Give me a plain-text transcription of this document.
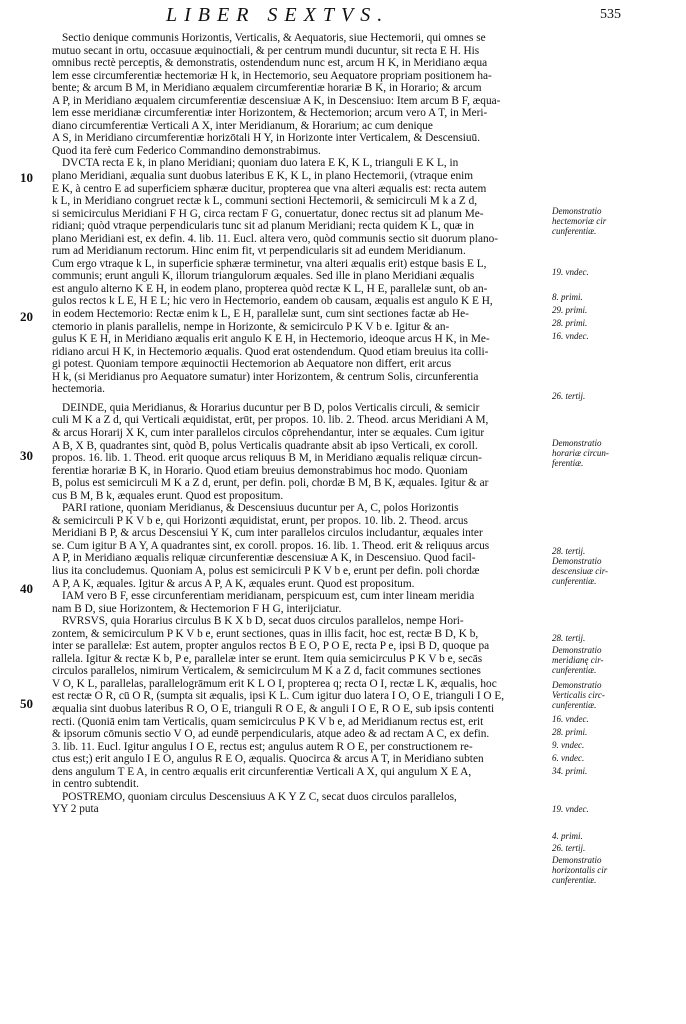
LIBER SEXTVS.	535
Sectio denique communis Horizontis, Verticalis, & Aequatoris, siue Hectemorii, qui omnes se
mutuo secant in ortu, occasuue æquinoctiali, & per centrum mundi ducuntur, sit recta E H. His
omnibus rectè perceptis, & demonstratis, ostendendum nunc est, arcum H K, in Meridiano æqua
lem esse circumferentiæ hectemoriæ H k, in Hectemorio, seu Aequatore propriam positionem ha-
bente; & arcum B M, in Meridiano æqualem circumferentiæ horariæ B K, in Horario; & arcum
A P, in Meridiano æqualem circumferentiæ descensiuæ A K, in Descensiuo: Item arcum B F, æqua-
lem esse meridianæ circumferentiæ inter Horizontem, & Hectemorion; arcum vero A T, in Meri-
diano circumferentiæ Verticali A X, inter Meridianum, & Horarium; ac cum denique
A S, in Meridiano circumferentiæ horizōtali H Y, in Horizonte inter Verticalem, & Descensiuū.
Quod ita ferè cum Federico Commandino demonstrabimus.
DVCTA recta E k, in plano Meridiani; quoniam duo latera E K, K L, trianguli E K L, in
plano Meridiani, æqualia sunt duobus lateribus E K, K L, in plano Hectemorii, (vtraque enim
E K, à centro E ad superficiem sphæræ ducitur, propterea que vna alteri æqualis est: recta autem
k L, in Meridiano congruet rectæ k L, communi sectioni Hectemorii, & semicirculi M k a Z d,
si semicirculus Meridiani F H G, circa rectam F G, conuertatur, donec rectus sit ad planum Me-
ridiani; quòd vtraque perpendicularis tunc sit ad planum Meridiani; recta quidem K L, quæ in
plano Meridiani est, ex defin. 4. lib. 11. Eucl. altera vero, quòd communis sectio sit duorum plano-
rum ad Meridianum rectorum. Hinc enim fit, vt perpendicularis sit ad eundem Meridianum.
Cum ergo vtraque k L, in superficie sphæræ terminetur, vna alteri æqualis erit) estque basis E L,
communis; erunt anguli K, illorum triangulorum æquales. Sed ille in plano Meridiani æqualis
est angulo alterno K E H, in eodem plano, propterea quòd rectæ K L, H E, parallelæ sunt, ob an-
gulos rectos k L E, H E L; hic vero in Hectemorio, eandem ob causam, æqualis est angulo K E H,
in eodem Hectemorio: Rectæ enim k L, E H, parallelæ sunt, cum sint sectiones factæ ab He-
ctemorio in planis parallelis, nempe in Horizonte, & semicirculo P K V b e. Igitur & an-
gulus K E H, in Meridiano æqualis erit angulo K E H, in Hectemorio, ideoque arcus H K, in Me-
ridiano arcui H K, in Hectemorio æqualis. Quod erat ostendendum. Quod etiam breuius ita colli-
gi potest. Quoniam tempore æquinoctii Hectemorion ab Aequatore non differt, erit arcus
H k, (si Meridianus pro Aequatore sumatur) inter Horizontem, & centrum Solis, circunferentia
hectemoria.
DEINDE, quia Meridianus, & Horarius ducuntur per B D, polos Verticalis circuli, & semicir
culi M K a Z d, qui Verticali æquidistat, erūt, per propos. 10. lib. 2. Theod. arcus Meridiani A M,
& arcus Horarij X K, cum inter parallelos circulos cōprehendantur, inter se æquales. Cum igitur
A B, X B, quadrantes sint, quòd B, polus Verticalis quadrante absit ab ipso Verticali, ex coroll.
propos. 16. lib. 1. Theod. erit quoque arcus reliquus B M, in Meridiano æqualis reliquæ circun-
ferentiæ horariæ B K, in Horario. Quod etiam breuius demonstrabimus hoc modo. Quoniam
B, polus est semicirculi M K a Z d, erunt, per defin. poli, chordæ B M, B K, æquales. Igitur & ar
cus B M, B k, æquales erunt. Quod est propositum.
PARI ratione, quoniam Meridianus, & Descensiuus ducuntur per A, C, polos Horizontis
& semicirculi P K V b e, qui Horizonti æquidistat, erunt, per propos. 10. lib. 2. Theod. arcus
Meridiani B P, & arcus Descensiui Y K, cum inter parallelos circulos includantur, æquales inter
se. Cum igitur B A Y, A quadrantes sint, ex coroll. propos. 16. lib. 1. Theod. erit & reliquus arcus
A P, in Meridiano æqualis reliquæ circunferentiæ descensiuæ A K, in Descensiuo. Quod facil-
lius ita concludemus. Quoniam A, polus est semicirculi P K V b e, erunt per defin. poli chordæ
A P, A K, æquales. Igitur & arcus A P, A K, æquales erunt. Quod est propositum.
IAM vero B F, esse circunferentiam meridianam, perspicuum est, cum inter lineam meridia
nam B D, siue Horizontem, & Hectemorion F H G, interijciatur.
RVRSVS, quia Horarius circulus B K X b D, secat duos circulos parallelos, nempe Hori-
zontem, & semicirculum P K V b e, erunt sectiones, quas in illis facit, hoc est, rectæ B D, K b,
inter se parallelæ: Est autem, propter angulos rectos B E O, P O E, recta P e, ipsi B D, quoque pa
rallela. Igitur & rectæ K b, P e, parallelæ inter se erunt. Item quia semicirculus P K V b e, secās
circulos parallelos, nimirum Verticalem, & semicirculum M K a Z d, facit communes sectiones
V O, K L, parallelas, parallelogrāmum erit K L O I, propterea q; recta O I, rectæ L K, æqualis, hoc
est rectæ O R, cū O R, (sumpta sit æqualis, ipsi K L. Cum igitur duo latera I O, O E, trianguli I O E,
æqualia sint duobus lateribus R O, O E, trianguli R O E, & anguli I O E, R O E, sub ipsis contenti
recti. (Quoniā enim tam Verticalis, quam semicirculus P K V b e, ad Meridianum rectus est, erit
& ipsorum cōmunis sectio V O, ad eundē perpendicularis, atque adeo & ad rectam A C, ex defin.
3. lib. 11. Eucl. Igitur angulus I O E, rectus est; angulus autem R O E, per constructionem re-
ctus est;) erit angulo I E O, angulus R E O, æqualis. Quocirca & arcus A T, in Meridiano subten
dens angulum T E A, in centro æqualis erit circunferentiæ Verticali A X, qui angulum X E A,
in centro subtendit.
POSTREMO, quoniam circulus Descensiuus A K Y Z C, secat duos circulos parallelos,
YY 2 puta
10
20
30
40
50
Demonstratio
hectemoriæ cir
cunferentiæ.
19. vndec.
8. primi.
29. primi.
28. primi.
16. vndec.
26. tertij.
Demonstratio
horariæ circun-
ferentiæ.
28. tertij.
Demonstratio
descensiuæ cir-
cunferentiæ.
28. tertij.
Demonstratio
meridianę cir-
cunferentiæ.
Demonstratio
Verticalis circ-
cunferentiæ.
16. vndec.
28. primi.
9. vndec.
6. vndec.
34. primi.
19. vndec.
4. primi.
26. tertij.
Demonstratio
horizontalis cir
cunferentiæ.
